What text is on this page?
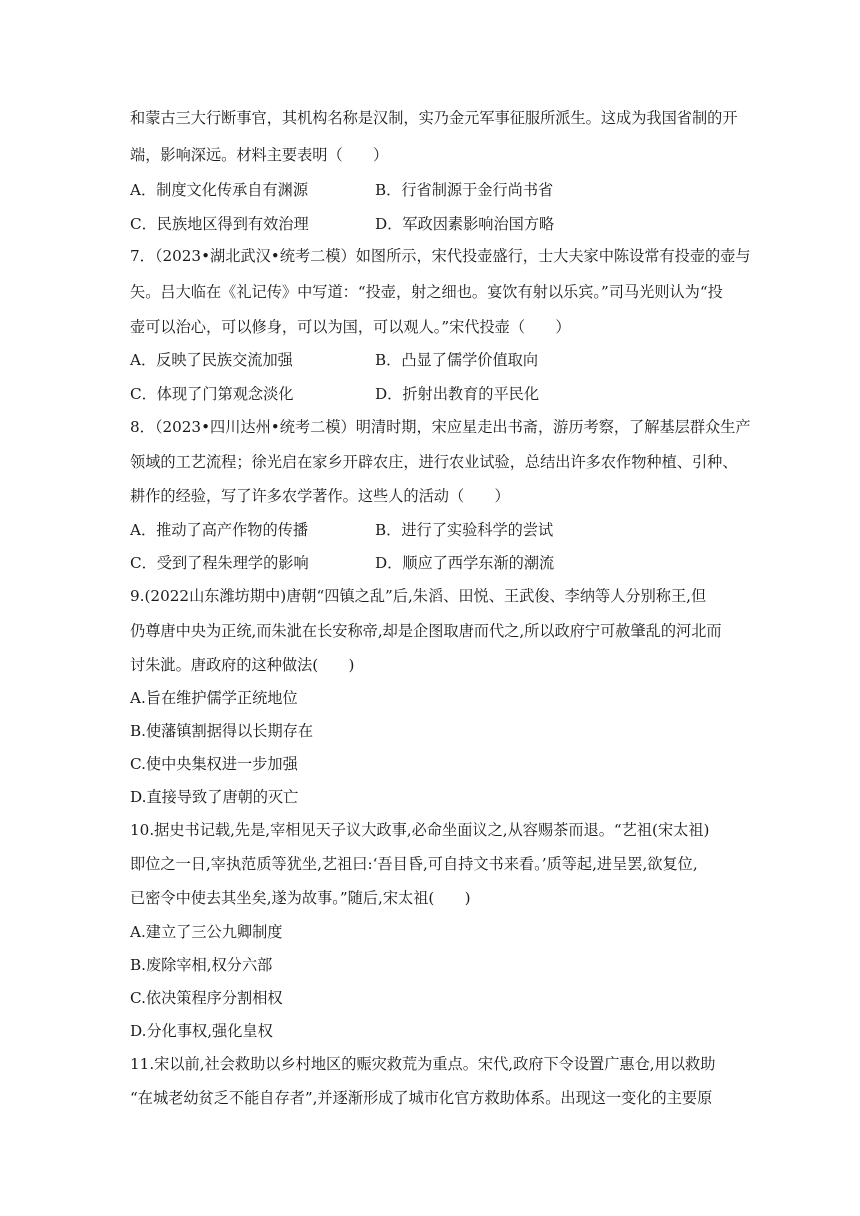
和蒙古三大行断事官，其机构名称是汉制，实乃金元军事征服所派生。这成为我国省制的开
端，影响深远。材料主要表明（　　）
A．制度文化传承自有渊源	B．行省制源于金行尚书省
C．民族地区得到有效治理	D．军政因素影响治国方略
7．（2023•湖北武汉•统考二模）如图所示，宋代投壶盛行，士大夫家中陈设常有投壶的壶与
矢。吕大临在《礼记传》中写道：“投壶，射之细也。宴饮有射以乐宾。”司马光则认为“投
壶可以治心，可以修身，可以为国，可以观人。”宋代投壶（　　）
A．反映了民族交流加强	B．凸显了儒学价值取向
C．体现了门第观念淡化	D．折射出教育的平民化
8．（2023•四川达州•统考二模）明清时期，宋应星走出书斋，游历考察，了解基层群众生产
领域的工艺流程；徐光启在家乡开辟农庄，进行农业试验，总结出许多农作物种植、引种、
耕作的经验，写了许多农学著作。这些人的活动（　　）
A．推动了高产作物的传播	B．进行了实验科学的尝试
C．受到了程朱理学的影响	D．顺应了西学东渐的潮流
9.(2022山东潍坊期中)唐朝“四镇之乱”后,朱滔、田悦、王武俊、李纳等人分别称王,但
仍尊唐中央为正统,而朱泚在长安称帝,却是企图取唐而代之,所以政府宁可赦肇乱的河北而
讨朱泚。唐政府的这种做法(　　)
A.旨在维护儒学正统地位
B.使藩镇割据得以长期存在
C.使中央集权进一步加强
D.直接导致了唐朝的灭亡
10.据史书记载,先是,宰相见天子议大政事,必命坐面议之,从容赐茶而退。“艺祖(宋太祖)
即位之一日,宰执范质等犹坐,艺祖曰:‘吾目昏,可自持文书来看。’质等起,进呈罢,欲复位,
已密令中使去其坐矣,遂为故事。”随后,宋太祖(　　)
A.建立了三公九卿制度
B.废除宰相,权分六部
C.依决策程序分割相权
D.分化事权,强化皇权
11.宋以前,社会救助以乡村地区的赈灾救荒为重点。宋代,政府下令设置广惠仓,用以救助
“在城老幼贫乏不能自存者”,并逐渐形成了城市化官方救助体系。出现这一变化的主要原
